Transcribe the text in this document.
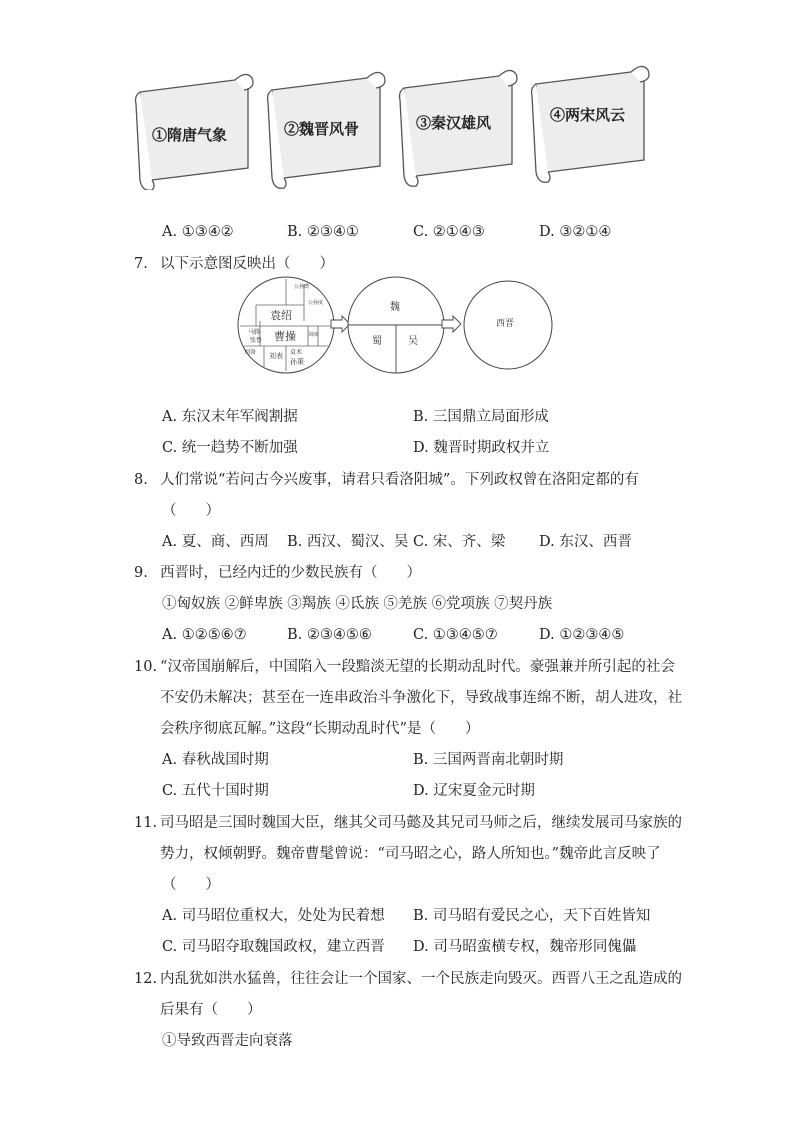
①隋唐气象	②魏晋风骨	③秦汉雄风	④两宋风云
A. ①③④②	B. ②③④①	C. ②①④③	D. ③②①④
7. 以下示意图反映出（　　）
公孙瓒
公孙度
袁绍
马腾
张鲁 曹操 刘璋
刘表 袁术
孙策
刘备
魏
蜀	吴
西晋
A. 东汉末年军阀割据	B. 三国鼎立局面形成
C. 统一趋势不断加强	D. 魏晋时期政权并立
8. 人们常说“若问古今兴废事，请君只看洛阳城”。下列政权曾在洛阳定都的有
（　　）
A. 夏、商、西周 B. 西汉、蜀汉、吴 C. 宋、齐、梁 D. 东汉、西晋
9. 西晋时，已经内迁的少数民族有（　　）
①匈奴族 ②鲜卑族 ③羯族 ④氐族 ⑤羌族 ⑥党项族 ⑦契丹族
A. ①②⑤⑥⑦	B. ②③④⑤⑥	C. ①③④⑤⑦	D. ①②③④⑤
10. “汉帝国崩解后，中国陷入一段黯淡无望的长期动乱时代。豪强兼并所引起的社会
不安仍未解决；甚至在一连串政治斗争激化下，导致战事连绵不断，胡人进攻，社
会秩序彻底瓦解。”这段“长期动乱时代”是（　　）
A. 春秋战国时期	B. 三国两晋南北朝时期
C. 五代十国时期	D. 辽宋夏金元时期
11. 司马昭是三国时魏国大臣，继其父司马懿及其兄司马师之后，继续发展司马家族的
势力，权倾朝野。魏帝曹髦曾说：“司马昭之心，路人所知也。”魏帝此言反映了
（　　）
A. 司马昭位重权大，处处为民着想 B. 司马昭有爱民之心，天下百姓皆知
C. 司马昭夺取魏国政权，建立西晋 D. 司马昭蛮横专权，魏帝形同傀儡
12. 内乱犹如洪水猛兽，往往会让一个国家、一个民族走向毁灭。西晋八王之乱造成的
后果有（　　）
①导致西晋走向衰落
